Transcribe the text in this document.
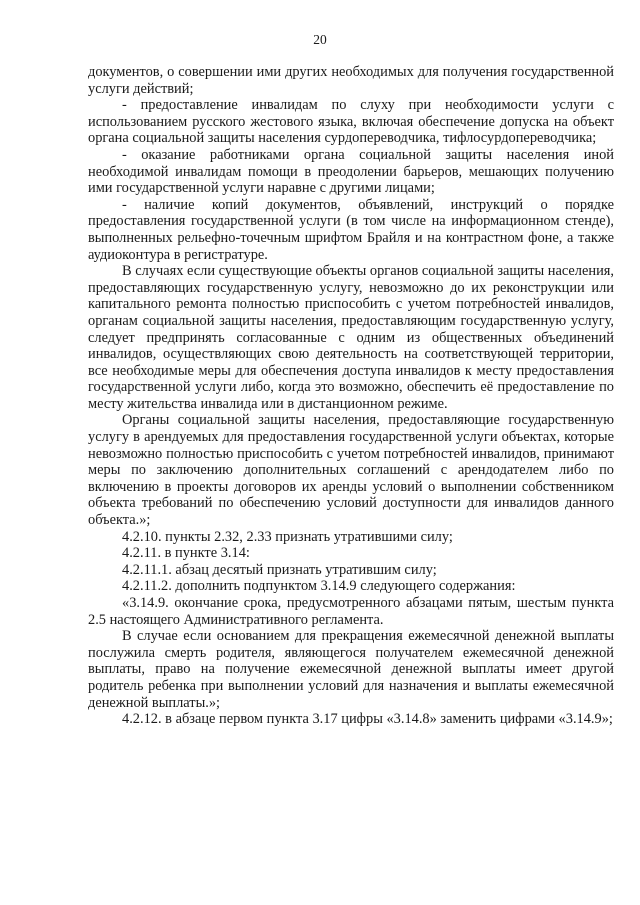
20

документов, о совершении ими других необходимых для получения государственной услуги действий;

- предоставление инвалидам по слуху при необходимости услуги с использованием русского жестового языка, включая обеспечение допуска на объект органа социальной защиты населения сурдопереводчика, тифлосурдопереводчика;

- оказание работниками органа социальной защиты населения иной необходимой инвалидам помощи в преодолении барьеров, мешающих получению ими государственной услуги наравне с другими лицами;

- наличие копий документов, объявлений, инструкций о порядке предоставления государственной услуги (в том числе на информационном стенде), выполненных рельефно-точечным шрифтом Брайля и на контрастном фоне, а также аудиоконтура в регистратуре.

В случаях если существующие объекты органов социальной защиты населения, предоставляющих государственную услугу, невозможно до их реконструкции или капитального ремонта полностью приспособить с учетом потребностей инвалидов, органам социальной защиты населения, предоставляющим государственную услугу, следует предпринять согласованные с одним из общественных объединений инвалидов, осуществляющих свою деятельность на соответствующей территории, все необходимые меры для обеспечения доступа инвалидов к месту предоставления государственной услуги либо, когда это возможно, обеспечить её предоставление по месту жительства инвалида или в дистанционном режиме.

Органы социальной защиты населения, предоставляющие государственную услугу в арендуемых для предоставления государственной услуги объектах, которые невозможно полностью приспособить с учетом потребностей инвалидов, принимают меры по заключению дополнительных соглашений с арендодателем либо по включению в проекты договоров их аренды условий о выполнении собственником объекта требований по обеспечению условий доступности для инвалидов данного объекта.»;

4.2.10. пункты 2.32, 2.33 признать утратившими силу;

4.2.11. в пункте 3.14:

4.2.11.1. абзац десятый признать утратившим силу;

4.2.11.2. дополнить подпунктом 3.14.9 следующего содержания:

«3.14.9. окончание срока, предусмотренного абзацами пятым, шестым пункта 2.5 настоящего Административного регламента.

В случае если основанием для прекращения ежемесячной денежной выплаты послужила смерть родителя, являющегося получателем ежемесячной денежной выплаты, право на получение ежемесячной денежной выплаты имеет другой родитель ребенка при выполнении условий для назначения и выплаты ежемесячной денежной выплаты.»;

4.2.12. в абзаце первом пункта 3.17 цифры «3.14.8» заменить цифрами «3.14.9»;
